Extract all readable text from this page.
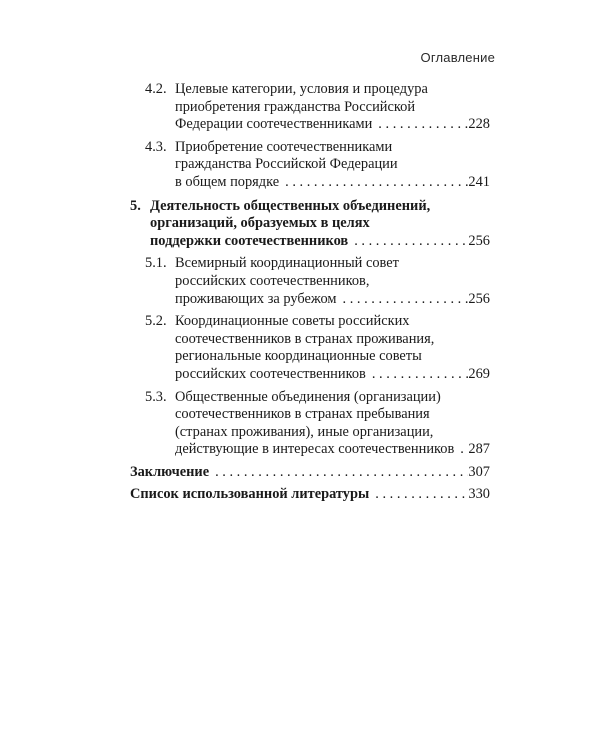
Оглавление
4.2. Целевые категории, условия и процедура
приобретения гражданства Российской
Федерации соотечественниками . . .	228
4.3. Приобретение соотечественниками
гражданства Российской Федерации
в общем порядке . . .	241
5. Деятельность общественных объединений,
организаций, образуемых в целях
поддержки соотечественников . . .	256
5.1. Всемирный координационный совет
российских соотечественников,
проживающих за рубежом . . .	256
5.2. Координационные советы российских
соотечественников в странах проживания,
региональные координационные советы
российских соотечественников . . .	269
5.3. Общественные объединения (организации)
соотечественников в странах пребывания
(странах проживания), иные организации,
действующие в интересах соотечественников . . . 287
Заключение . . .	307
Список использованной литературы . . .	330
